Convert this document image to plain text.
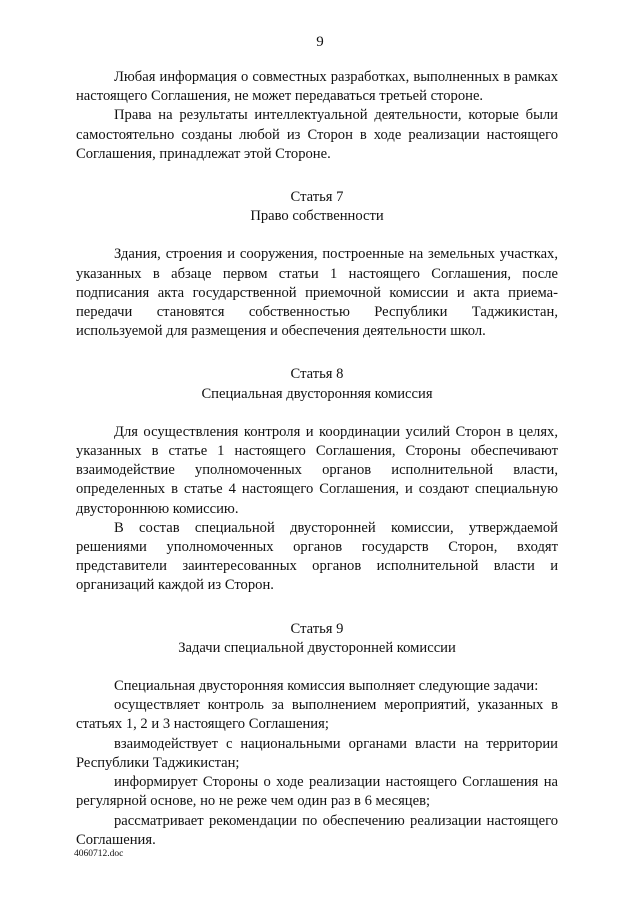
9

Любая информация о совместных разработках, выполненных в рамках настоящего Соглашения, не может передаваться третьей стороне.

Права на результаты интеллектуальной деятельности, которые были самостоятельно созданы любой из Сторон в ходе реализации настоящего Соглашения, принадлежат этой Стороне.

Статья 7

Право собственности

Здания, строения и сооружения, построенные на земельных участках, указанных в абзаце первом статьи 1 настоящего Соглашения, после подписания акта государственной приемочной комиссии и акта приема-передачи становятся собственностью Республики Таджикистан, используемой для размещения и обеспечения деятельности школ.

Статья 8

Специальная двусторонняя комиссия

Для осуществления контроля и координации усилий Сторон в целях, указанных в статье 1 настоящего Соглашения, Стороны обеспечивают взаимодействие уполномоченных органов исполнительной власти, определенных в статье 4 настоящего Соглашения, и создают специальную двустороннюю комиссию.

В состав специальной двусторонней комиссии, утверждаемой решениями уполномоченных органов государств Сторон, входят представители заинтересованных органов исполнительной власти и организаций каждой из Сторон.

Статья 9

Задачи специальной двусторонней комиссии

Специальная двусторонняя комиссия выполняет следующие задачи:

осуществляет контроль за выполнением мероприятий, указанных в статьях 1, 2 и 3 настоящего Соглашения;

взаимодействует с национальными органами власти на территории Республики Таджикистан;

информирует Стороны о ходе реализации настоящего Соглашения на регулярной основе, но не реже чем один раз в 6 месяцев;

рассматривает рекомендации по обеспечению реализации настоящего Соглашения.

4060712.doc
